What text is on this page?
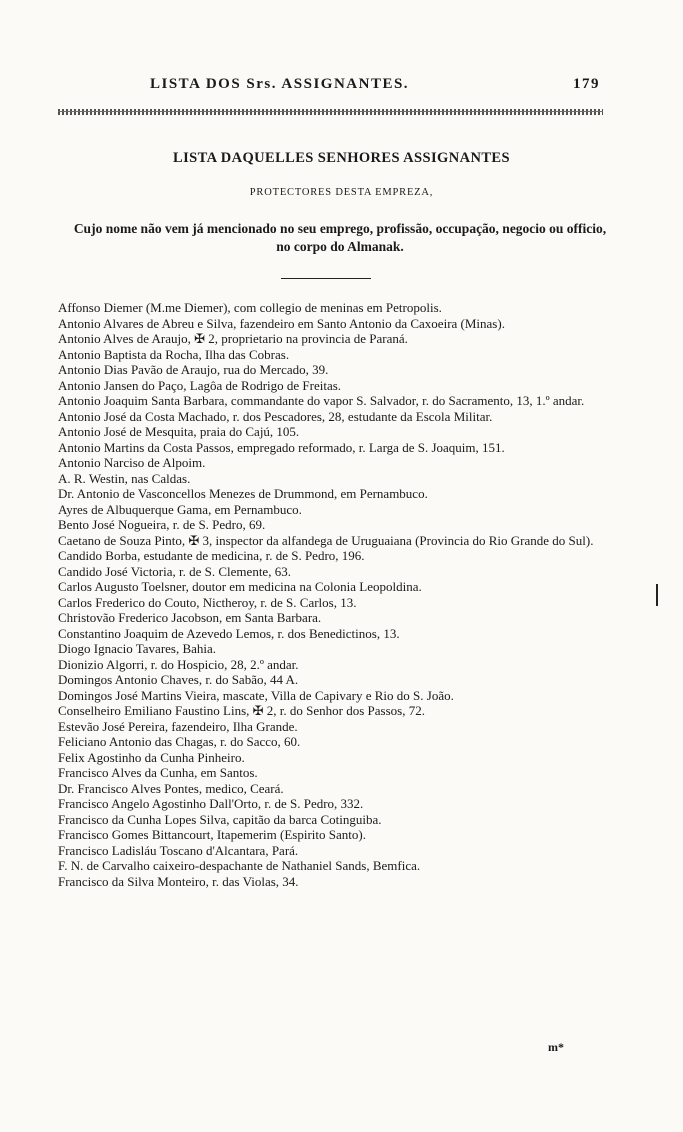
LISTA DOS Srs. ASSIGNANTES.	179
LISTA DAQUELLES SENHORES ASSIGNANTES
PROTECTORES DESTA EMPREZA,
Cujo nome não vem já mencionado no seu emprego, profissão, occupação, negocio ou officio, no corpo do Almanak.
Affonso Diemer (M.me Diemer), com collegio de meninas em Petropolis.
Antonio Alvares de Abreu e Silva, fazendeiro em Santo Antonio da Caxoeira (Minas).
Antonio Alves de Araujo, ✠ 2, proprietario na provincia de Paraná.
Antonio Baptista da Rocha, Ilha das Cobras.
Antonio Dias Pavão de Araujo, rua do Mercado, 39.
Antonio Jansen do Paço, Lagôa de Rodrigo de Freitas.
Antonio Joaquim Santa Barbara, commandante do vapor S. Salvador, r. do Sacramento, 13, 1.º andar.
Antonio José da Costa Machado, r. dos Pescadores, 28, estudante da Escola Militar.
Antonio José de Mesquita, praia do Cajú, 105.
Antonio Martins da Costa Passos, empregado reformado, r. Larga de S. Joaquim, 151.
Antonio Narciso de Alpoim.
A. R. Westin, nas Caldas.
Dr. Antonio de Vasconcellos Menezes de Drummond, em Pernambuco.
Ayres de Albuquerque Gama, em Pernambuco.
Bento José Nogueira, r. de S. Pedro, 69.
Caetano de Souza Pinto, ✠ 3, inspector da alfandega de Uruguaiana (Provincia do Rio Grande do Sul).
Candido Borba, estudante de medicina, r. de S. Pedro, 196.
Candido José Victoria, r. de S. Clemente, 63.
Carlos Augusto Toelsner, doutor em medicina na Colonia Leopoldina.
Carlos Frederico do Couto, Nictheroy, r. de S. Carlos, 13.
Christovão Frederico Jacobson, em Santa Barbara.
Constantino Joaquim de Azevedo Lemos, r. dos Benedictinos, 13.
Diogo Ignacio Tavares, Bahia.
Dionizio Algorri, r. do Hospicio, 28, 2.º andar.
Domingos Antonio Chaves, r. do Sabão, 44 A.
Domingos José Martins Vieira, mascate, Villa de Capivary e Rio do S. João.
Conselheiro Emiliano Faustino Lins, ✠ 2, r. do Senhor dos Passos, 72.
Estevão José Pereira, fazendeiro, Ilha Grande.
Feliciano Antonio das Chagas, r. do Sacco, 60.
Felix Agostinho da Cunha Pinheiro.
Francisco Alves da Cunha, em Santos.
Dr. Francisco Alves Pontes, medico, Ceará.
Francisco Angelo Agostinho Dall'Orto, r. de S. Pedro, 332.
Francisco da Cunha Lopes Silva, capitão da barca Cotinguiba.
Francisco Gomes Bittancourt, Itapemerim (Espirito Santo).
Francisco Ladisláu Toscano d'Alcantara, Pará.
F. N. de Carvalho caixeiro-despachante de Nathaniel Sands, Bemfica.
Francisco da Silva Monteiro, r. das Violas, 34.
m*
